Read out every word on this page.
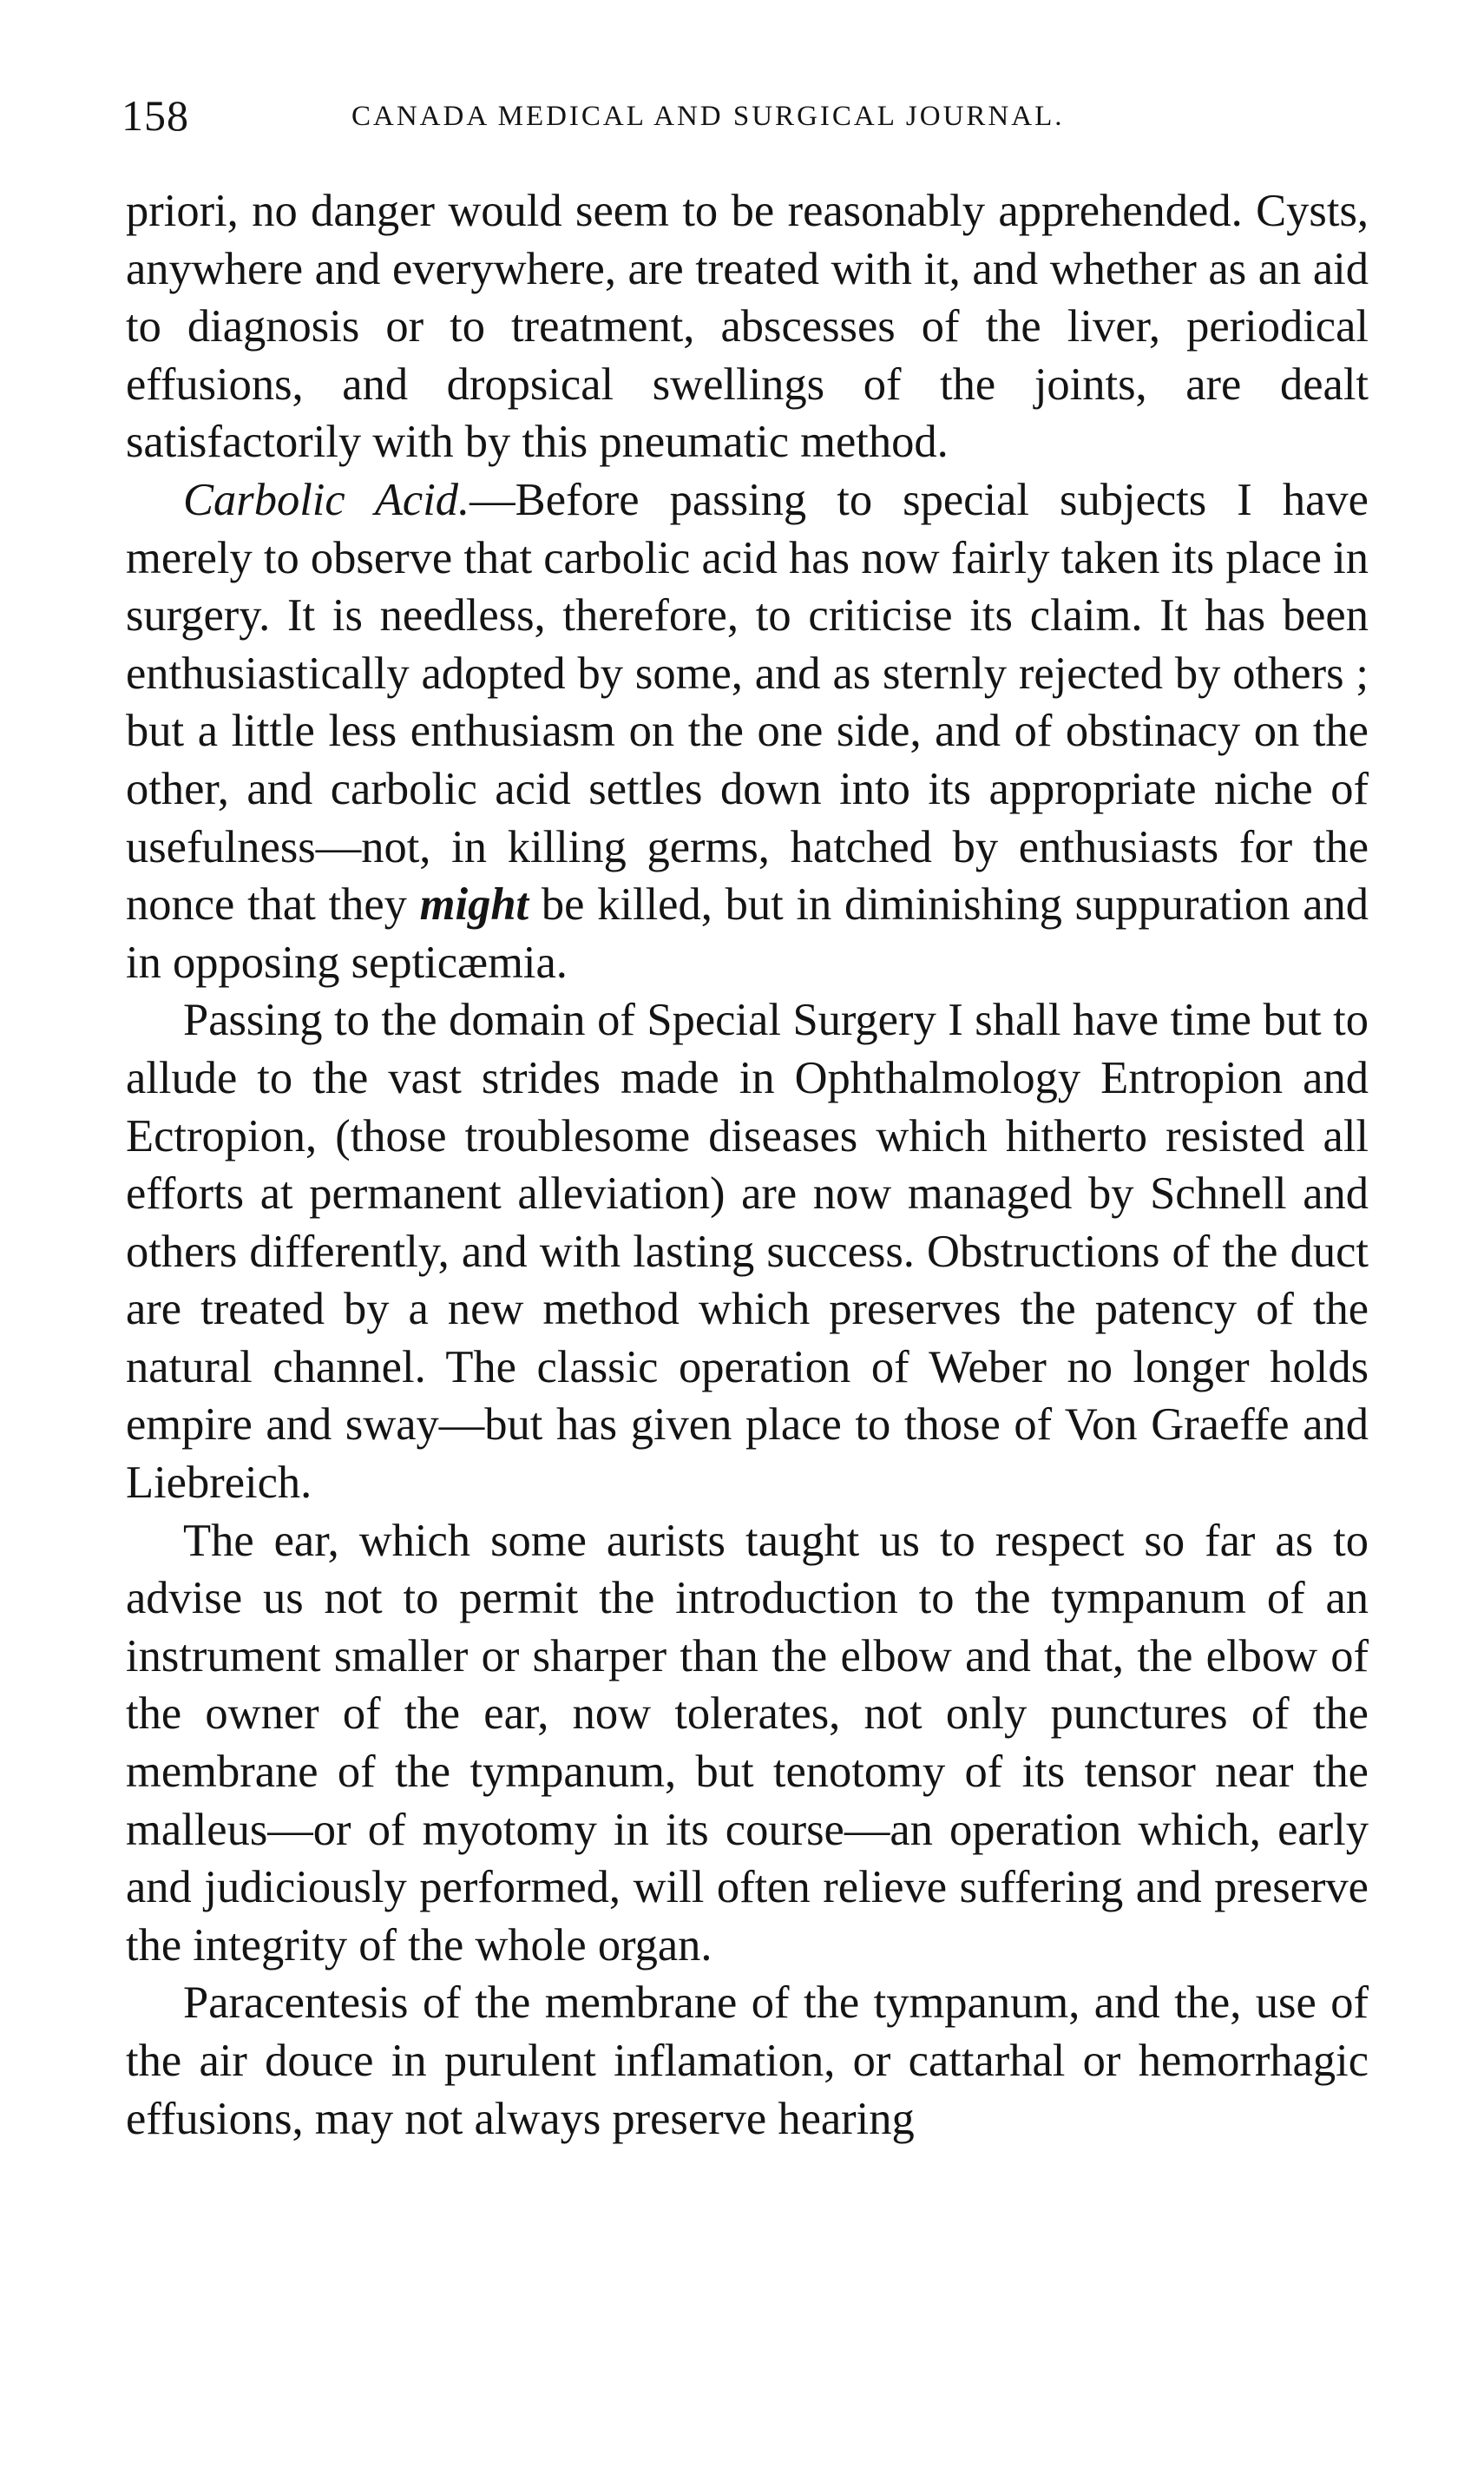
158	CANADA MEDICAL AND SURGICAL JOURNAL.

priori, no danger would seem to be reasonably apprehended. Cysts, anywhere and everywhere, are treated with it, and whether as an aid to diagnosis or to treatment, abscesses of the liver, periodical effusions, and dropsical swellings of the joints, are dealt satisfactorily with by this pneumatic method.

Carbolic Acid.—Before passing to special subjects I have merely to observe that carbolic acid has now fairly taken its place in surgery. It is needless, therefore, to criticise its claim. It has been enthusiastically adopted by some, and as sternly rejected by others ; but a little less enthusiasm on the one side, and of obstinacy on the other, and carbolic acid settles down into its appropriate niche of usefulness—not, in killing germs, hatched by enthusiasts for the nonce that they might be killed, but in diminishing suppuration and in opposing septicæmia.

Passing to the domain of Special Surgery I shall have time but to allude to the vast strides made in Ophthalmology Entropion and Ectropion, (those troublesome diseases which hitherto resisted all efforts at permanent alleviation) are now managed by Schnell and others differently, and with lasting success. Obstructions of the duct are treated by a new method which preserves the patency of the natural channel. The classic operation of Weber no longer holds empire and sway—but has given place to those of Von Graeffe and Liebreich.

The ear, which some aurists taught us to respect so far as to advise us not to permit the introduction to the tympanum of an instrument smaller or sharper than the elbow and that, the elbow of the owner of the ear, now tolerates, not only punctures of the membrane of the tympanum, but tenotomy of its tensor near the malleus—or of myotomy in its course—an operation which, early and judiciously performed, will often relieve suffering and preserve the integrity of the whole organ.

Paracentesis of the membrane of the tympanum, and the, use of the air douce in purulent inflamation, or cattarhal or hemorrhagic effusions, may not always preserve hearing
